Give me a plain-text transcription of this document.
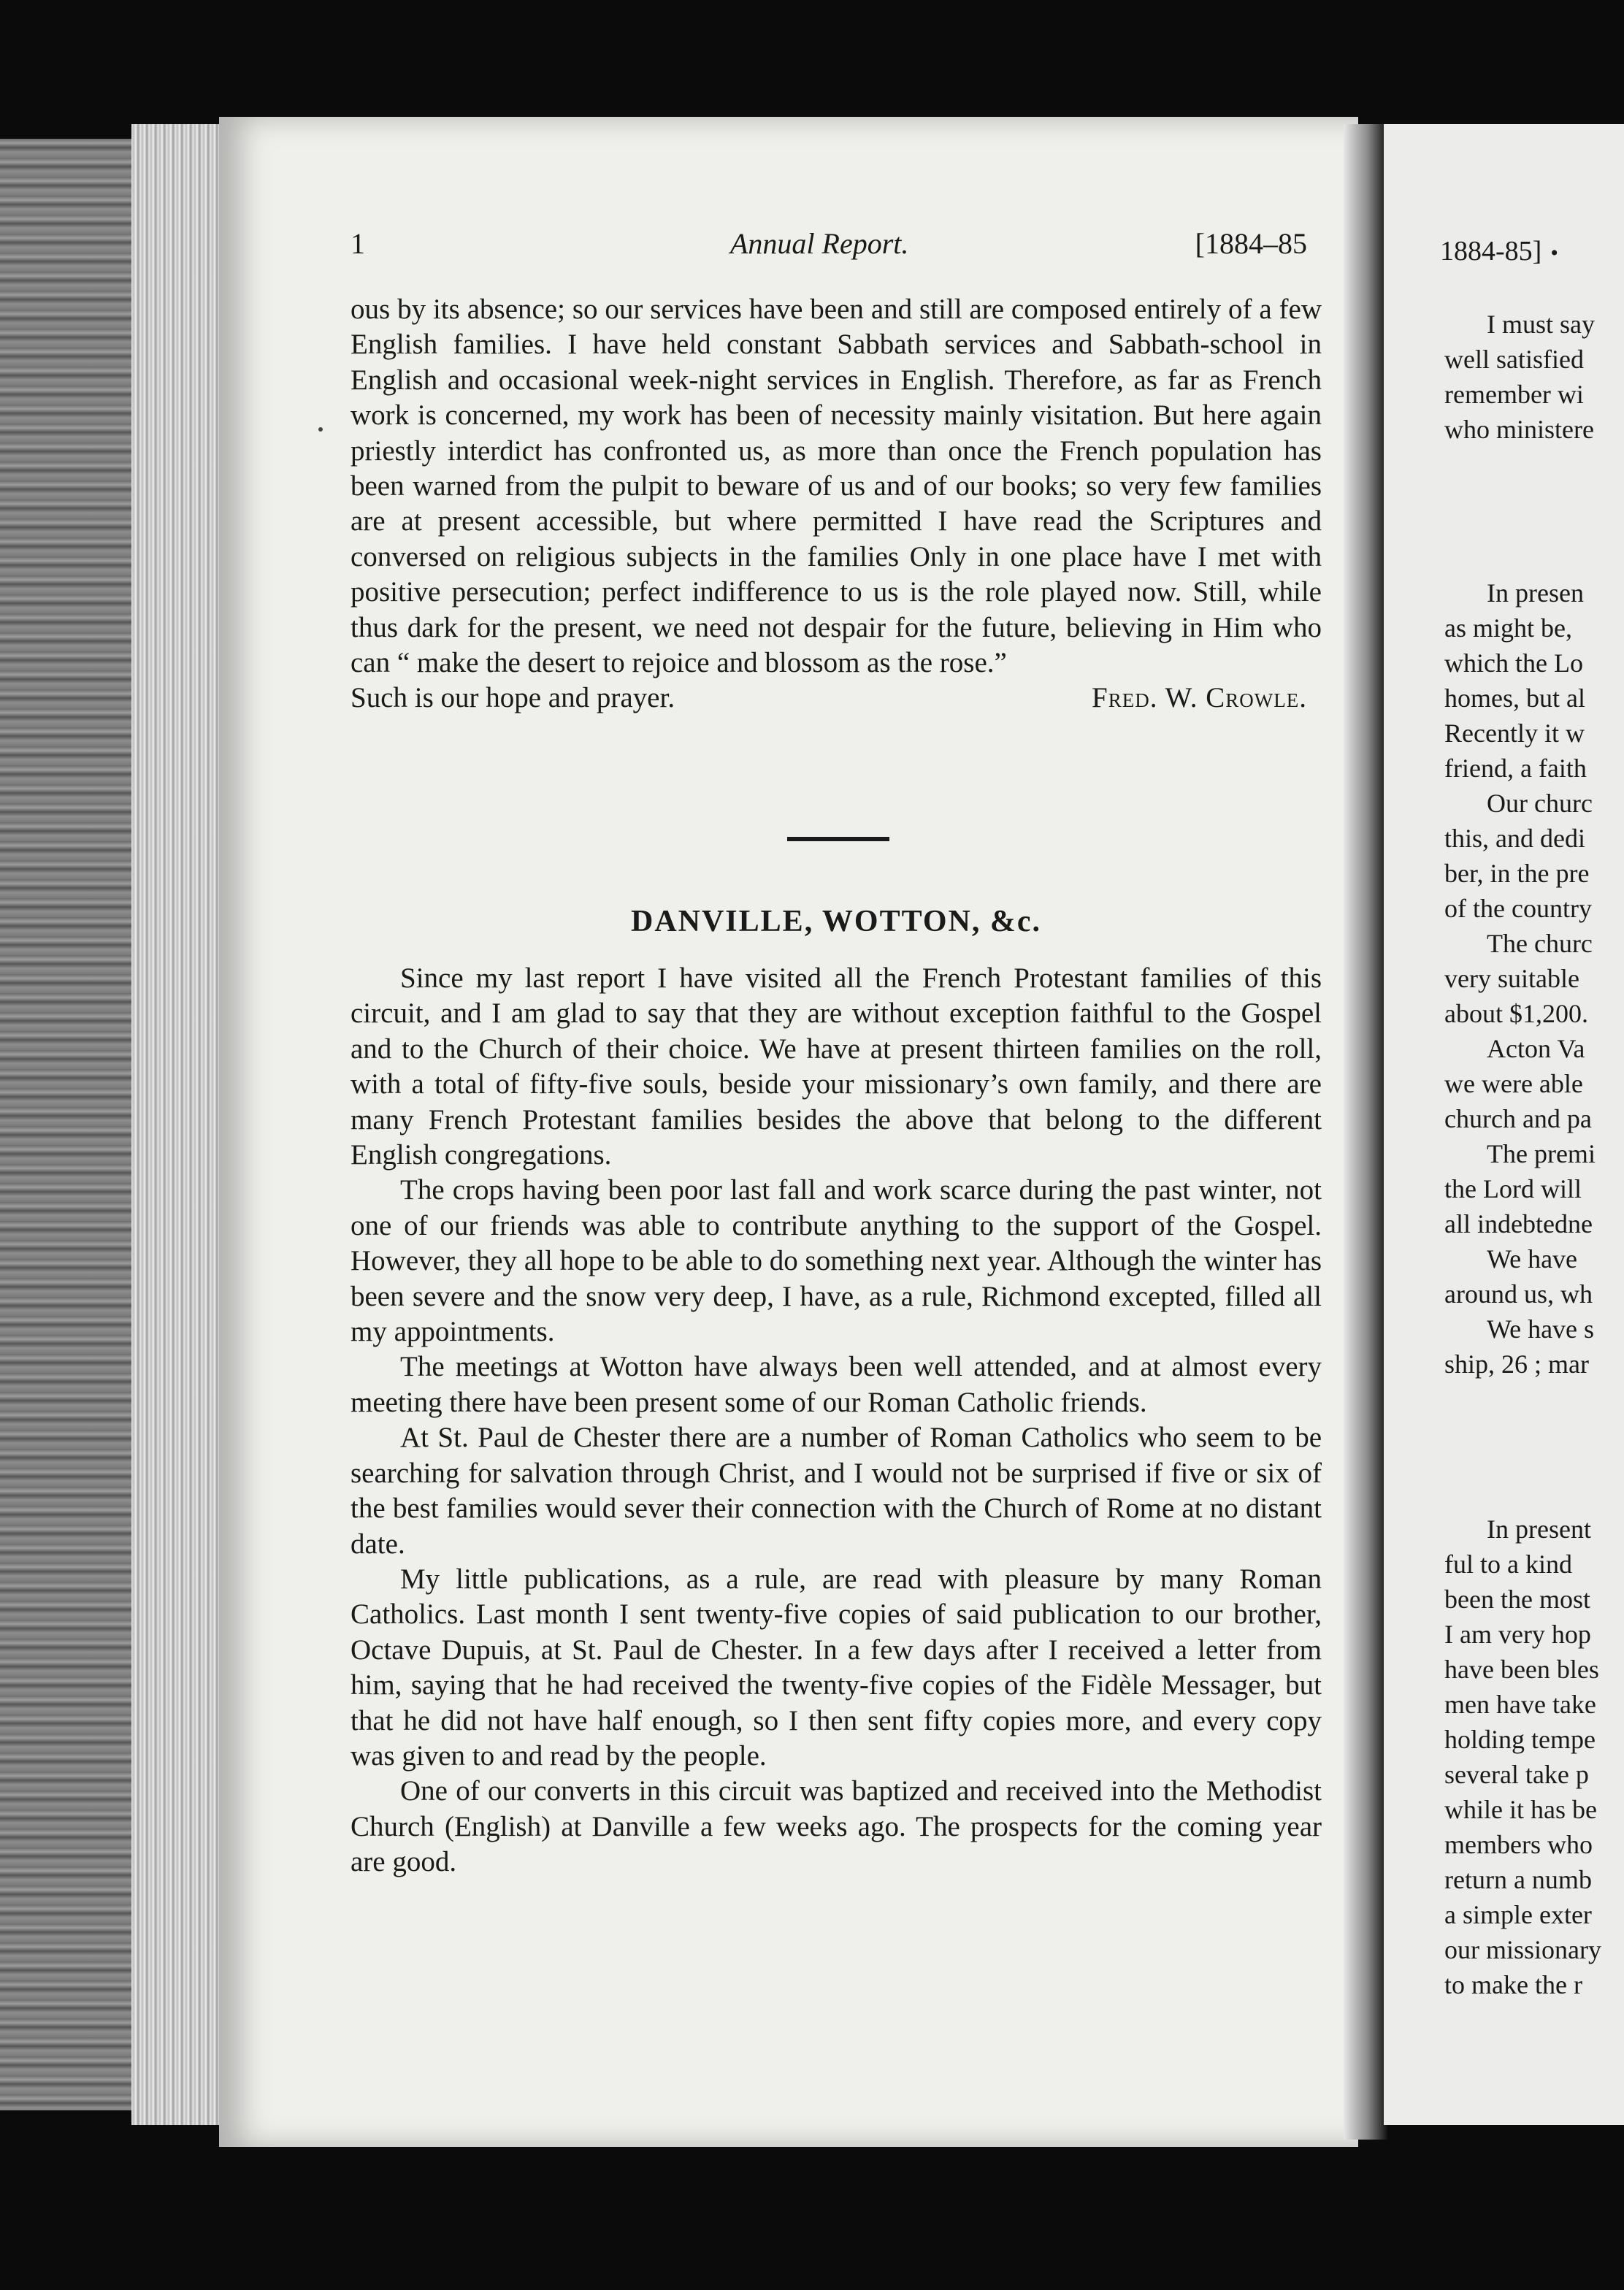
1	Annual Report.	[1884–85

ous by its absence; so our services have been and still are composed entirely of a few English families. I have held constant Sabbath services and Sabbath-school in English and occasional week-night services in English. Therefore, as far as French work is concerned, my work has been of necessity mainly visitation. But here again priestly interdict has confronted us, as more than once the French population has been warned from the pulpit to beware of us and of our books; so very few families are at present accessible, but where permitted I have read the Scriptures and conversed on religious subjects in the families Only in one place have I met with positive persecution; perfect indifference to us is the role played now. Still, while thus dark for the present, we need not despair for the future, believing in Him who can “ make the desert to rejoice and blossom as the rose.”

Such is our hope and prayer.	Fred. W. Crowle.

DANVILLE, WOTTON, &c.

Since my last report I have visited all the French Protestant families of this circuit, and I am glad to say that they are without exception faithful to the Gospel and to the Church of their choice. We have at present thirteen families on the roll, with a total of fifty-five souls, beside your missionary’s own family, and there are many French Protestant families besides the above that belong to the different English congregations.

The crops having been poor last fall and work scarce during the past winter, not one of our friends was able to contribute anything to the support of the Gospel. However, they all hope to be able to do something next year. Although the winter has been severe and the snow very deep, I have, as a rule, Richmond excepted, filled all my appointments.

The meetings at Wotton have always been well attended, and at almost every meeting there have been present some of our Roman Catholic friends.

At St. Paul de Chester there are a number of Roman Catholics who seem to be searching for salvation through Christ, and I would not be surprised if five or six of the best families would sever their connection with the Church of Rome at no distant date.

My little publications, as a rule, are read with pleasure by many Roman Catholics. Last month I sent twenty-five copies of said publication to our brother, Octave Dupuis, at St. Paul de Chester. In a few days after I received a letter from him, saying that he had received the twenty-five copies of the Fidèle Messager, but that he did not have half enough, so I then sent fifty copies more, and every copy was given to and read by the people.

One of our converts in this circuit was baptized and received into the Methodist Church (English) at Danville a few weeks ago. The prospects for the coming year are good.

1884-85] •
I must say
well satisfied
remember wi
who ministere
In presen
as might be,
which the Lo
homes, but al
Recently it w
friend, a faith
Our churc
this, and dedi
ber, in the pre
of the country
The churc
very suitable
about $1,200.
Acton Va
we were able
church and pa
The premi
the Lord will
all indebtedne
We have
around us, wh
We have s
ship, 26 ; mar
In present
ful to a kind
been the most
I am very hop
have been bles
men have take
holding tempe
several take p
while it has be
members who
return a numb
a simple exter
our missionary
to make the r
